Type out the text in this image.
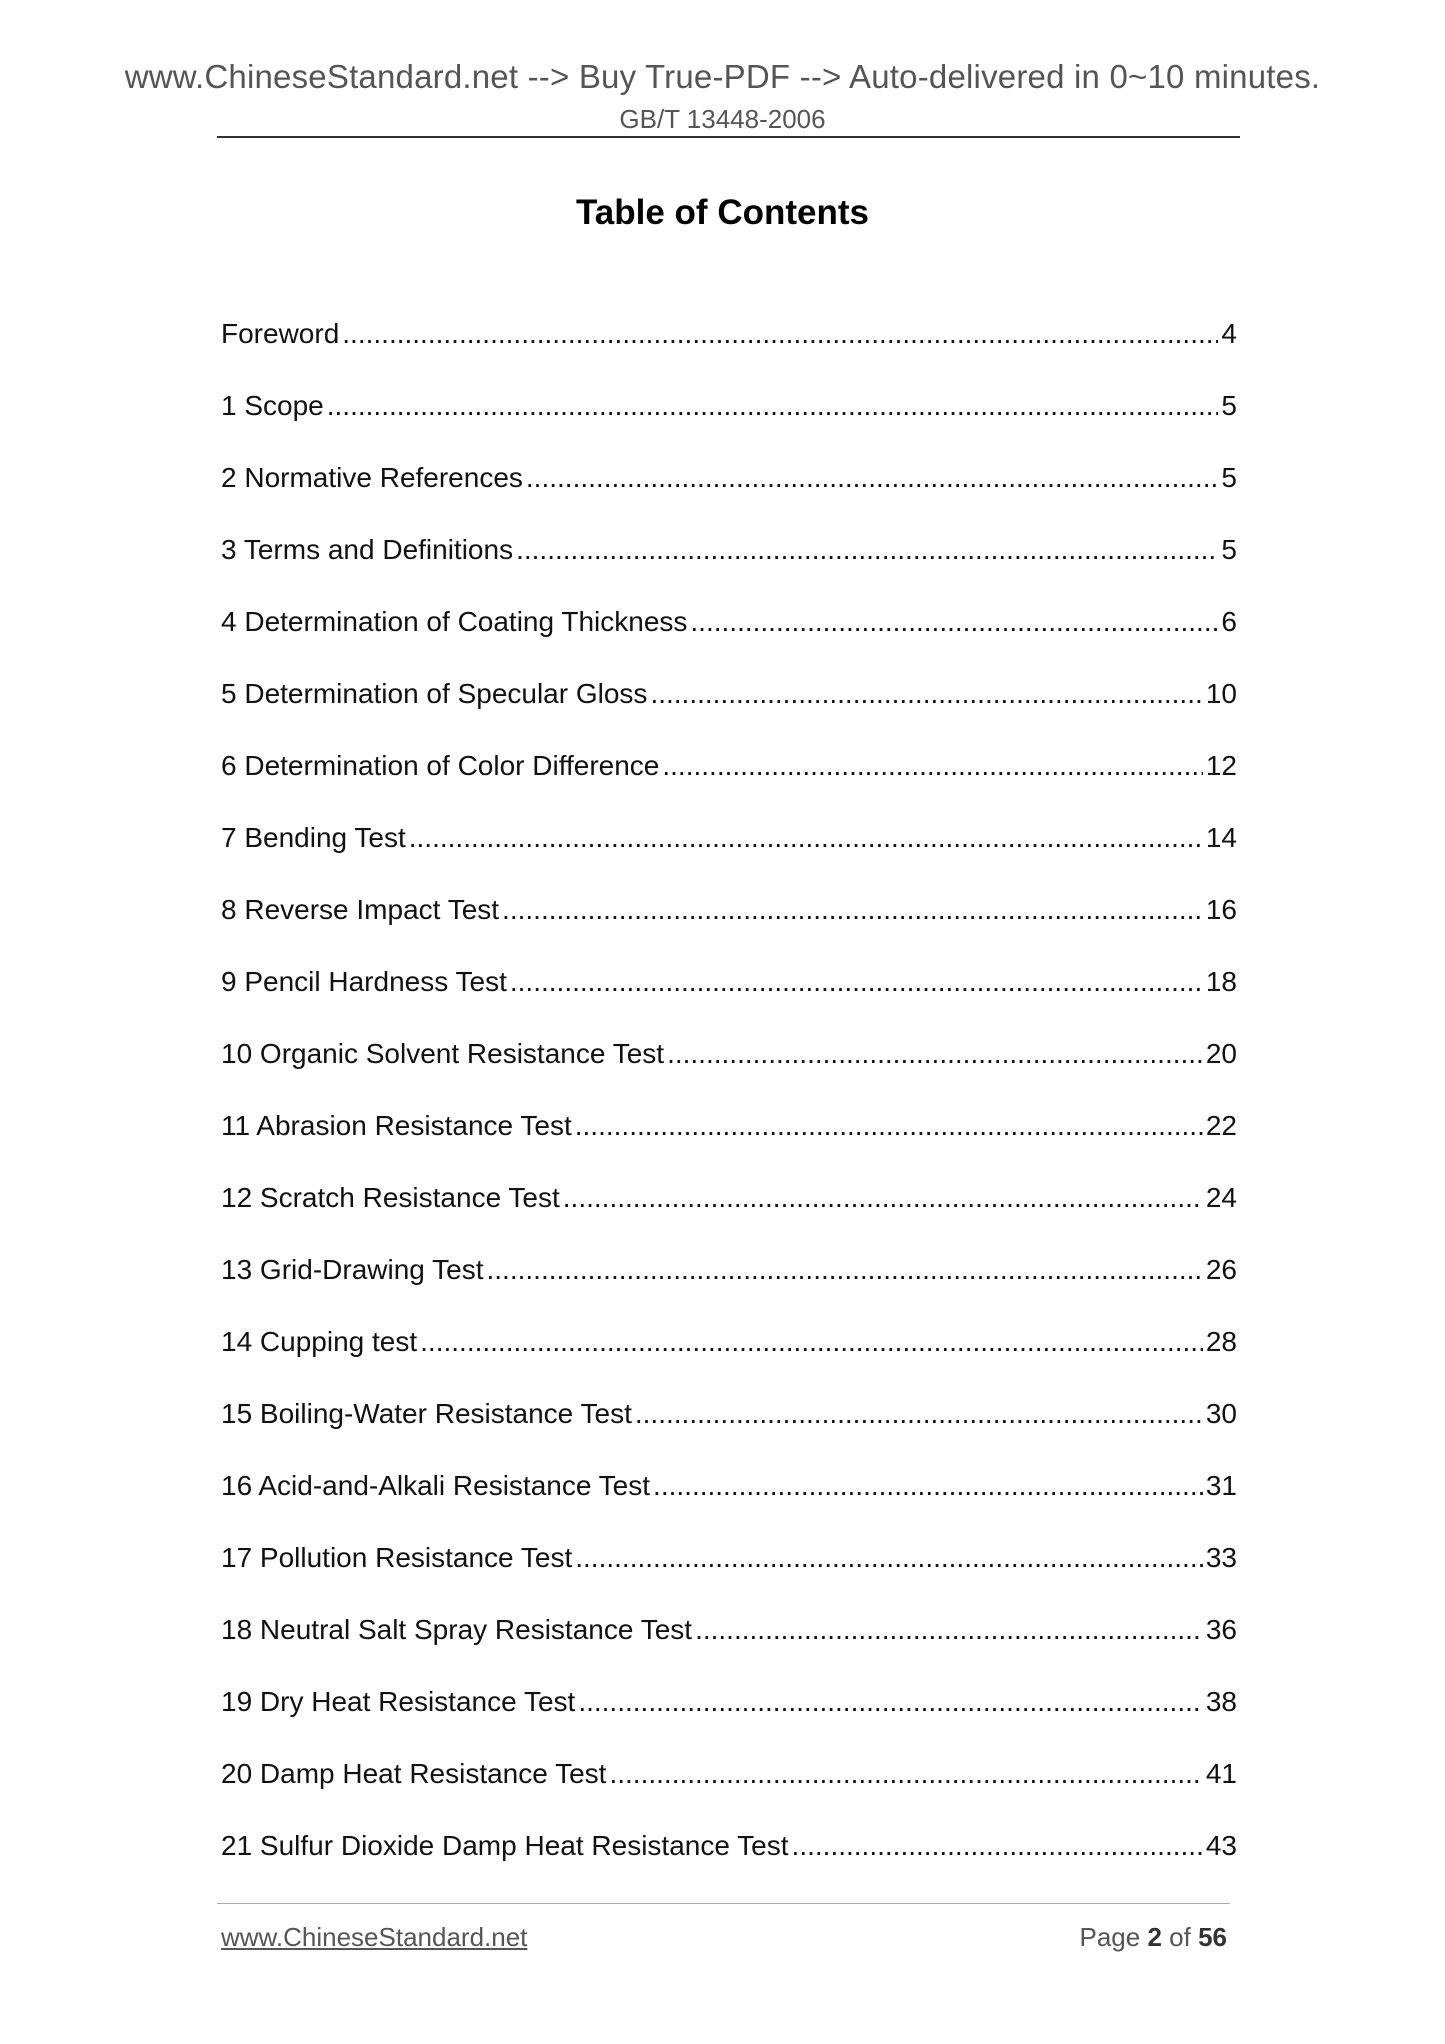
www.ChineseStandard.net --> Buy True-PDF --> Auto-delivered in 0~10 minutes.
GB/T 13448-2006
Table of Contents
Foreword .....	4
1 Scope .....	5
2 Normative References .....	5
3 Terms and Definitions .....	5
4 Determination of Coating Thickness .....	6
5 Determination of Specular Gloss .....	10
6 Determination of Color Difference .....	12
7 Bending Test .....	14
8 Reverse Impact Test .....	16
9 Pencil Hardness Test .....	18
10 Organic Solvent Resistance Test .....	20
11 Abrasion Resistance Test .....	22
12 Scratch Resistance Test .....	24
13 Grid-Drawing Test .....	26
14 Cupping test .....	28
15 Boiling-Water Resistance Test .....	30
16 Acid-and-Alkali Resistance Test .....	31
17 Pollution Resistance Test .....	33
18 Neutral Salt Spray Resistance Test .....	36
19 Dry Heat Resistance Test .....	38
20 Damp Heat Resistance Test .....	41
21 Sulfur Dioxide Damp Heat Resistance Test .....	43
www.ChineseStandard.net	Page 2 of 56
